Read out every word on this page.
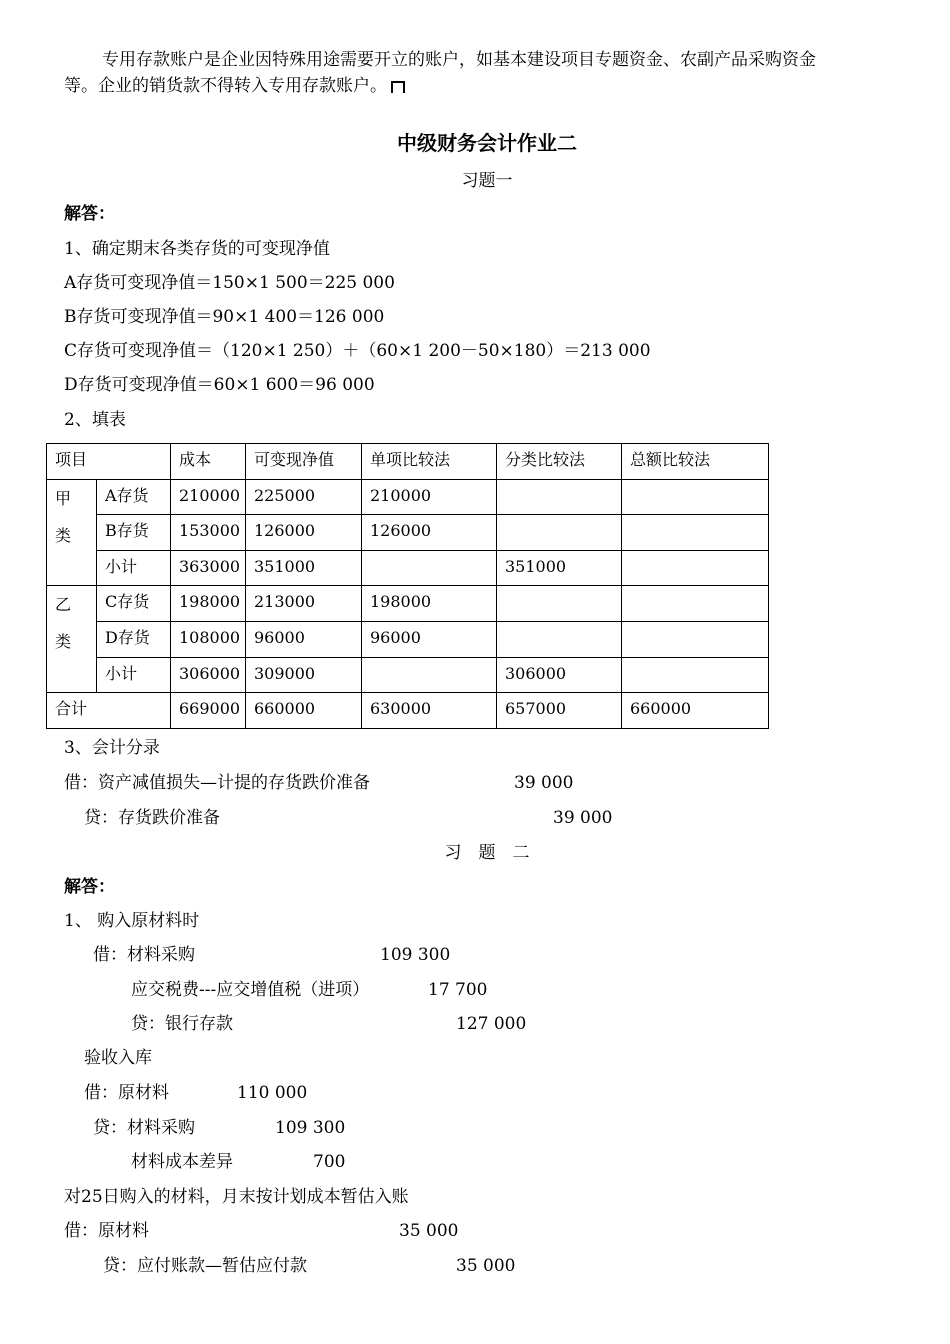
专用存款账户是企业因特殊用途需要开立的账户，如基本建设项目专题资金、农副产品采购资金
等。企业的销货款不得转入专用存款账户。
中级财务会计作业二
习题一
解答：
1、确定期末各类存货的可变现净值
A存货可变现净值＝150×1 500＝225 000
B存货可变现净值＝90×1 400＝126 000
C存货可变现净值＝（120×1 250）＋（60×1 200－50×180）＝213 000
D存货可变现净值＝60×1 600＝96 000
2、填表
项目		成本	可变现净值	单项比较法	分类比较法	总额比较法

甲
类	A存货	210000	225000	210000		
	B存货	153000	126000	126000		
	小计	363000	351000		351000	

乙
类	C存货	198000	213000	198000		
	D存货	108000	96000	96000		
	小计	306000	309000		306000	
合计		669000	660000	630000	657000	660000
3、会计分录
借：资产减值损失—计提的存货跌价准备	39 000
贷：存货跌价准备	39 000
习　题　二
解答：
1、 购入原材料时
借：材料采购	109 300
应交税费---应交增值税（进项）	17 700
贷：银行存款	127 000
验收入库
借：原材料	110 000
贷：材料采购	109 300
材料成本差异	700
对25日购入的材料，月末按计划成本暂估入账
借：原材料	35 000
贷：应付账款—暂估应付款	35 000
